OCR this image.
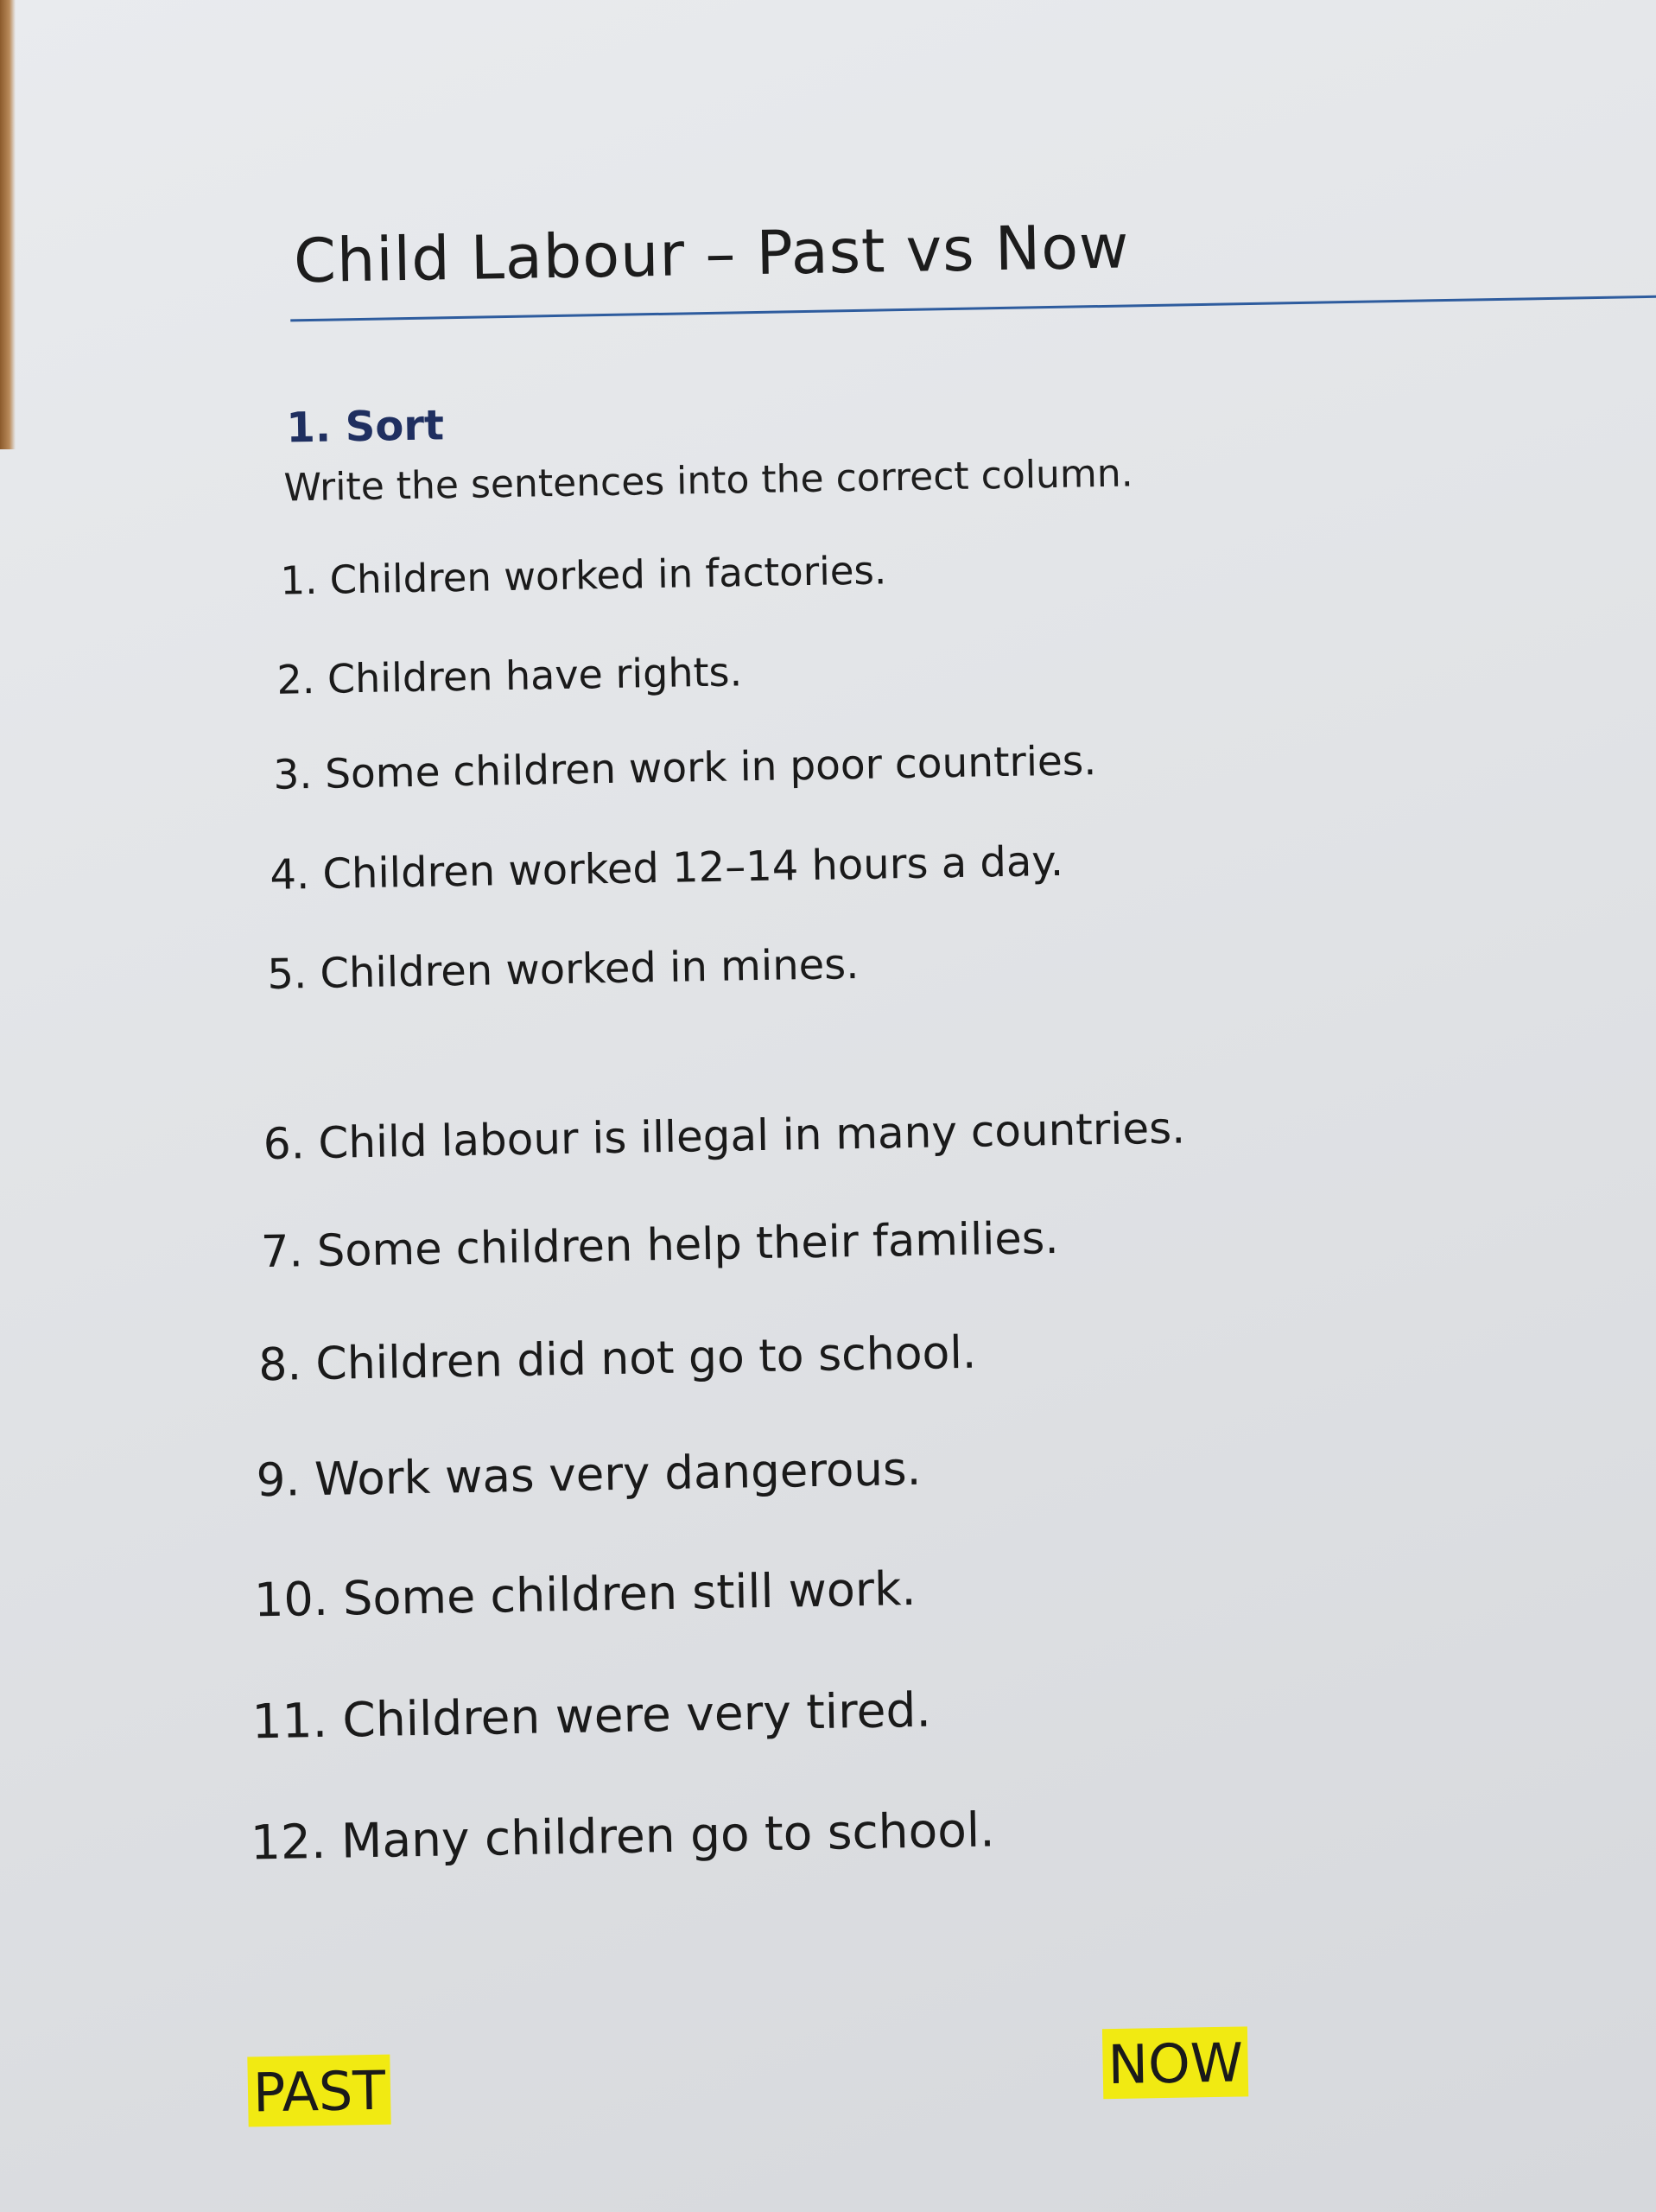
Child Labour – Past vs Now
1. Sort
Write the sentences into the correct column.
1. Children worked in factories.
2. Children have rights.
3. Some children work in poor countries.
4. Children worked 12–14 hours a day.
5. Children worked in mines.
6. Child labour is illegal in many countries.
7. Some children help their families.
8. Children did not go to school.
9. Work was very dangerous.
10. Some children still work.
11. Children were very tired.
12. Many children go to school.
PAST	NOW
